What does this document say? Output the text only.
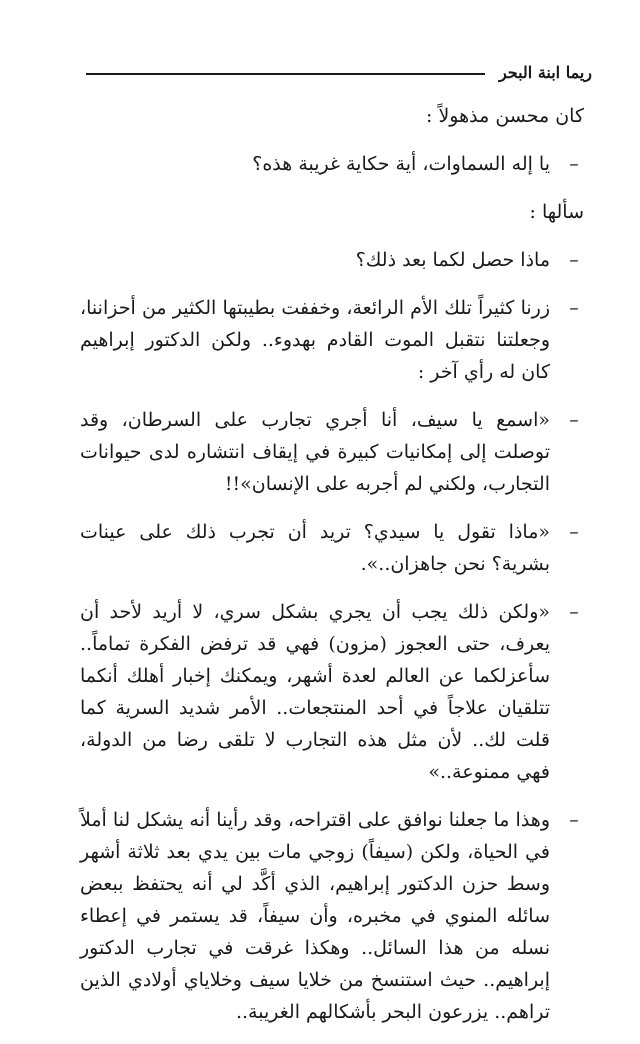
ريما ابنة البحر

كان محسن مذهولاً :

–
يا إله السماوات، أية حكاية غريبة هذه؟

سألها :

–
ماذا حصل لكما بعد ذلك؟

–
زرنا كثيراً تلك الأم الرائعة، وخففت بطيبتها الكثير من أحزاننا، وجعلتنا نتقبل الموت القادم بهدوء.. ولكن الدكتور إبراهيم كان له رأي آخر :

–
«اسمع يا سيف، أنا أجري تجارب على السرطان، وقد توصلت إلى إمكانيات كبيرة في إيقاف انتشاره لدى حيوانات التجارب، ولكني لم أجربه على الإنسان»!!

–
«ماذا تقول يا سيدي؟ تريد أن تجرب ذلك على عينات بشرية؟ نحن جاهزان..».

–
«ولكن ذلك يجب أن يجري بشكل سري، لا أريد لأحد أن يعرف، حتى العجوز (مزون) فهي قد ترفض الفكرة تماماً.. سأعزلكما عن العالم لعدة أشهر، ويمكنك إخبار أهلك أنكما تتلقيان علاجاً في أحد المنتجعات.. الأمر شديد السرية كما قلت لك.. لأن مثل هذه التجارب لا تلقى رضا من الدولة، فهي ممنوعة..»

–
وهذا ما جعلنا نوافق على اقتراحه، وقد رأينا أنه يشكل لنا أملاً في الحياة، ولكن (سيفاً) زوجي مات بين يدي بعد ثلاثة أشهر وسط حزن الدكتور إبراهيم، الذي أكَّد لي أنه يحتفظ ببعض سائله المنوي في مخبره، وأن سيفاً، قد يستمر في إعطاء نسله من هذا السائل.. وهكذا غرقت في تجارب الدكتور إبراهيم.. حيث استنسخ من خلايا سيف وخلاياي أولادي الذين تراهم.. يزرعون البحر بأشكالهم الغريبة..
